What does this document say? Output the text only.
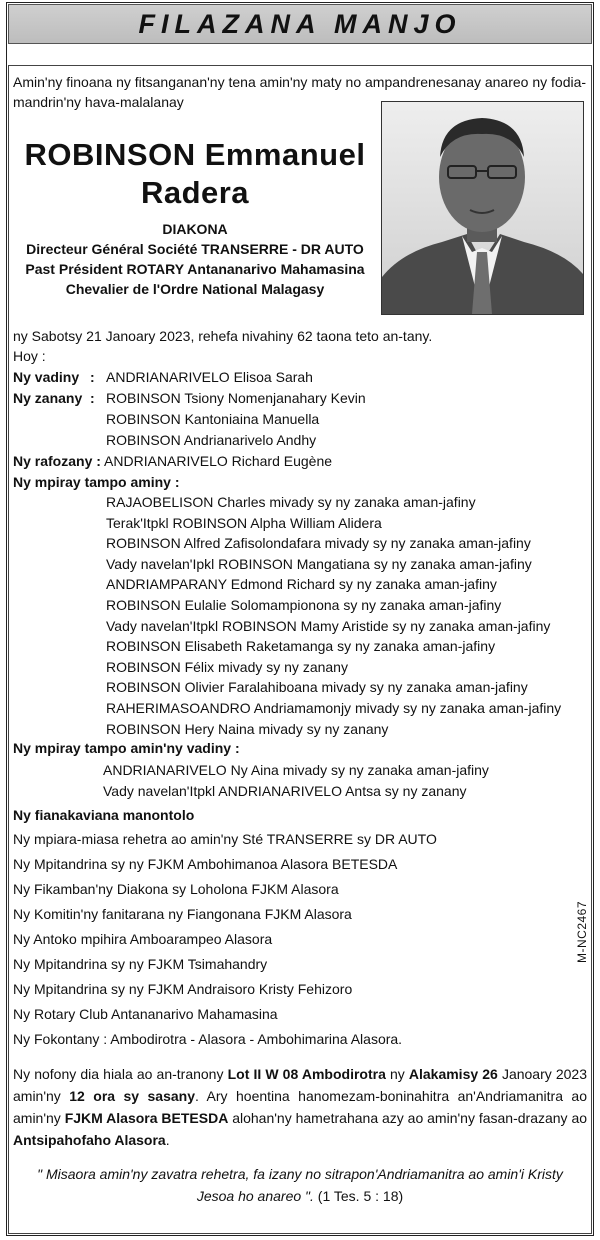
FILAZANA MANJO
Amin'ny finoana ny fitsanganan'ny tena amin'ny maty no ampandrenesanay anareo ny fodia-mandrin'ny hava-malalanay
ROBINSON Emmanuel
Radera
DIAKONA
Directeur Général Société TRANSERRE - DR AUTO
Past Président ROTARY Antananarivo Mahamasina
Chevalier de l'Ordre National Malagasy
ny Sabotsy 21 Janoary 2023, rehefa nivahiny 62 taona teto an-tany.
Hoy :
Ny vadiny : ANDRIANARIVELO Elisoa Sarah
Ny zanany : ROBINSON Tsiony Nomenjanahary Kevin
ROBINSON Kantoniaina Manuella
ROBINSON Andrianarivelo Andhy
Ny rafozany : ANDRIANARIVELO Richard Eugène
Ny mpiray tampo aminy :
RAJAOBELISON Charles mivady sy ny zanaka aman-jafiny
Terak'Itpkl ROBINSON Alpha William Alidera
ROBINSON Alfred Zafisolondafara mivady sy ny zanaka aman-jafiny
Vady navelan'Ipkl ROBINSON Mangatiana sy ny zanaka aman-jafiny
ANDRIAMPARANY Edmond Richard sy ny zanaka aman-jafiny
ROBINSON Eulalie Solomampionona sy ny zanaka aman-jafiny
Vady navelan'Itpkl ROBINSON Mamy Aristide sy ny zanaka aman-jafiny
ROBINSON Elisabeth Raketamanga sy ny zanaka aman-jafiny
ROBINSON Félix mivady sy ny zanany
ROBINSON Olivier Faralahiboana mivady sy ny zanaka aman-jafiny
RAHERIMASOANDRO Andriamamonjy mivady sy ny zanaka aman-jafiny
ROBINSON Hery Naina mivady sy ny zanany
Ny mpiray tampo amin'ny vadiny :
ANDRIANARIVELO Ny Aina mivady sy ny zanaka aman-jafiny
Vady navelan'Itpkl ANDRIANARIVELO Antsa sy ny zanany
Ny fianakaviana manontolo
Ny mpiara-miasa rehetra ao amin'ny Sté TRANSERRE sy DR AUTO
Ny Mpitandrina sy ny FJKM Ambohimanoa Alasora BETESDA
Ny Fikamban'ny Diakona sy Loholona FJKM Alasora
Ny Komitin'ny fanitarana ny Fiangonana FJKM Alasora
Ny Antoko mpihira Amboarampeo Alasora
Ny Mpitandrina sy ny FJKM Tsimahandry
Ny Mpitandrina sy ny FJKM Andraisoro Kristy Fehizoro
Ny Rotary Club Antananarivo Mahamasina
Ny Fokontany : Ambodirotra - Alasora - Ambohimarina Alasora.
M-NC2467
Ny nofony dia hiala ao an-tranony Lot II W 08 Ambodirotra ny Alakamisy 26 Janoary 2023 amin'ny 12 ora sy sasany. Ary hoentina hanomezam-boninahitra an'Andriamanitra ao amin'ny FJKM Alasora BETESDA alohan'ny hametrahana azy ao amin'ny fasan-drazany ao Antsipahofaho Alasora.
" Misaora amin'ny zavatra rehetra, fa izany no sitrapon'Andriamanitra ao amin'i Kristy Jesoa ho anareo ". (1 Tes. 5 : 18)
